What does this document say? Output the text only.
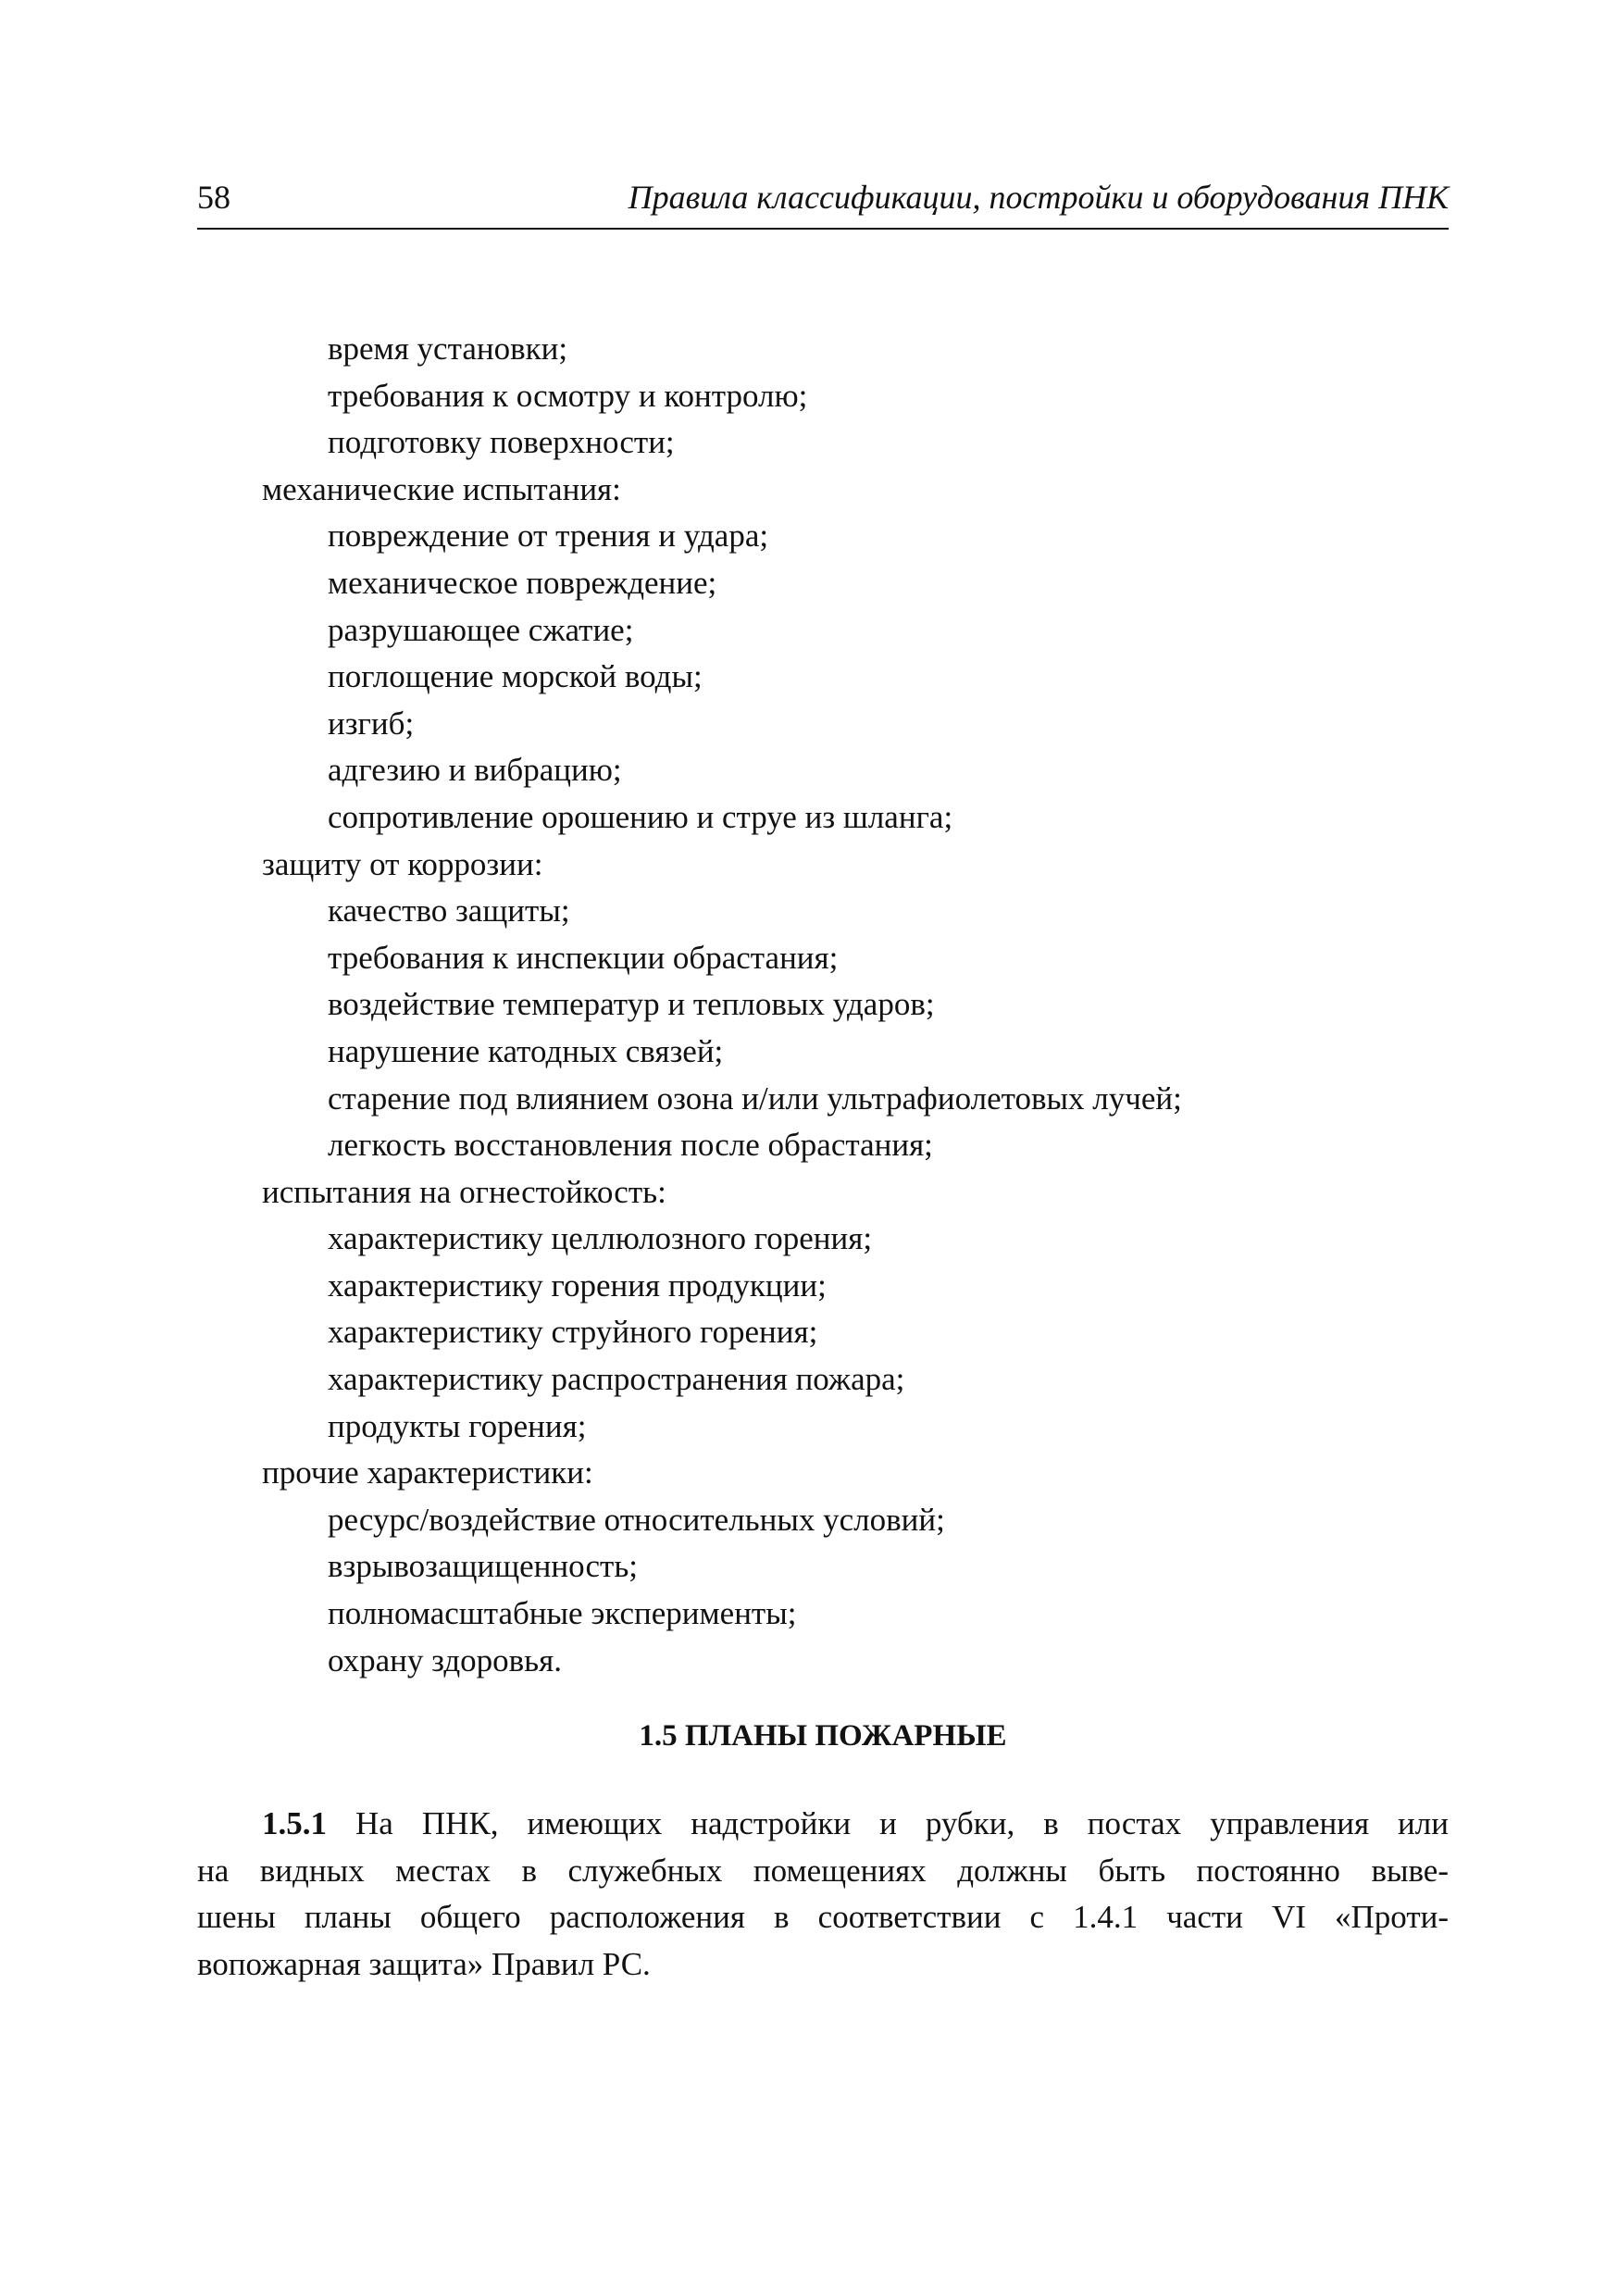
58	Правила классификации, постройки и оборудования ПНК
время установки;
требования к осмотру и контролю;
подготовку поверхности;
механические испытания:
повреждение от трения и удара;
механическое повреждение;
разрушающее сжатие;
поглощение морской воды;
изгиб;
адгезию и вибрацию;
сопротивление орошению и струе из шланга;
защиту от коррозии:
качество защиты;
требования к инспекции обрастания;
воздействие температур и тепловых ударов;
нарушение катодных связей;
старение под влиянием озона и/или ультрафиолетовых лучей;
легкость восстановления после обрастания;
испытания на огнестойкость:
характеристику целлюлозного горения;
характеристику горения продукции;
характеристику струйного горения;
характеристику распространения пожара;
продукты горения;
прочие характеристики:
ресурс/воздействие относительных условий;
взрывозащищенность;
полномасштабные эксперименты;
охрану здоровья.
1.5 ПЛАНЫ ПОЖАРНЫЕ
1.5.1 На ПНК, имеющих надстройки и рубки, в постах управления или
на видных местах в служебных помещениях должны быть постоянно выве-
шены планы общего расположения в соответствии с 1.4.1 части VI «Проти-
вопожарная защита» Правил РС.
